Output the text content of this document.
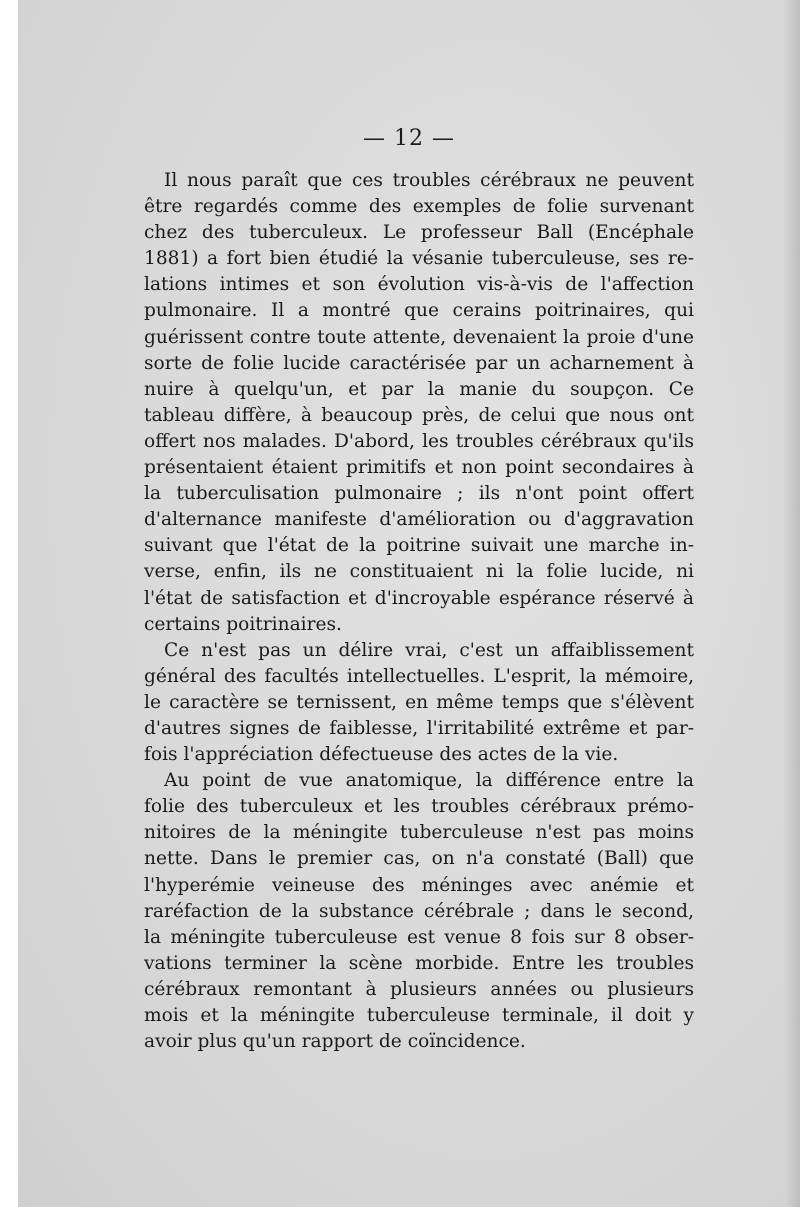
— 12 —
Il nous paraît que ces troubles cérébraux ne peuvent
être regardés comme des exemples de folie survenant
chez des tuberculeux. Le professeur Ball (Encéphale
1881) a fort bien étudié la vésanie tuberculeuse, ses re-
lations intimes et son évolution vis-à-vis de l'affection
pulmonaire. Il a montré que cerains poitrinaires, qui
guérissent contre toute attente, devenaient la proie d'une
sorte de folie lucide caractérisée par un acharnement à
nuire à quelqu'un, et par la manie du soupçon. Ce
tableau diffère, à beaucoup près, de celui que nous ont
offert nos malades. D'abord, les troubles cérébraux qu'ils
présentaient étaient primitifs et non point secondaires à
la tuberculisation pulmonaire ; ils n'ont point offert
d'alternance manifeste d'amélioration ou d'aggravation
suivant que l'état de la poitrine suivait une marche in-
verse, enfin, ils ne constituaient ni la folie lucide, ni
l'état de satisfaction et d'incroyable espérance réservé à
certains poitrinaires.
Ce n'est pas un délire vrai, c'est un affaiblissement
général des facultés intellectuelles. L'esprit, la mémoire,
le caractère se ternissent, en même temps que s'élèvent
d'autres signes de faiblesse, l'irritabilité extrême et par-
fois l'appréciation défectueuse des actes de la vie.
Au point de vue anatomique, la différence entre la
folie des tuberculeux et les troubles cérébraux prémo-
nitoires de la méningite tuberculeuse n'est pas moins
nette. Dans le premier cas, on n'a constaté (Ball) que
l'hyperémie veineuse des méninges avec anémie et
raréfaction de la substance cérébrale ; dans le second,
la méningite tuberculeuse est venue 8 fois sur 8 obser-
vations terminer la scène morbide. Entre les troubles
cérébraux remontant à plusieurs années ou plusieurs
mois et la méningite tuberculeuse terminale, il doit y
avoir plus qu'un rapport de coïncidence.
